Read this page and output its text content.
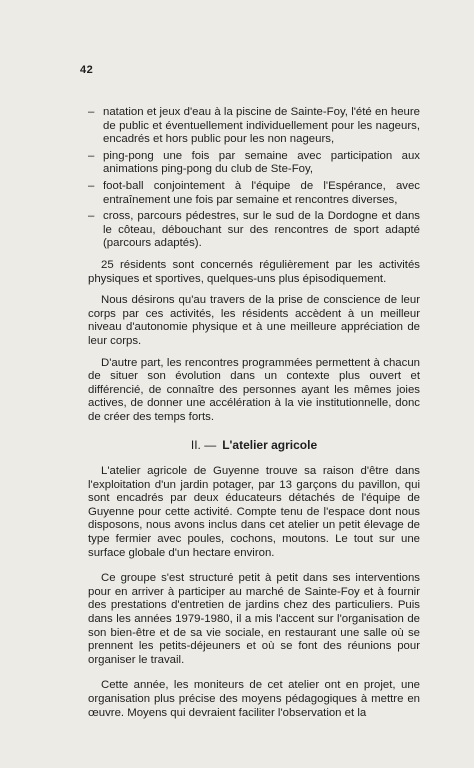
42

– natation et jeux d'eau à la piscine de Sainte-Foy, l'été en heure de public et éventuellement individuellement pour les nageurs, encadrés et hors public pour les non nageurs,

– ping-pong une fois par semaine avec participation aux animations ping-pong du club de Ste-Foy,

– foot-ball conjointement à l'équipe de l'Espérance, avec entraînement une fois par semaine et rencontres diverses,

– cross, parcours pédestres, sur le sud de la Dordogne et dans le côteau, débouchant sur des rencontres de sport adapté (parcours adaptés).

25 résidents sont concernés régulièrement par les activités physiques et sportives, quelques-uns plus épisodiquement.

Nous désirons qu'au travers de la prise de conscience de leur corps par ces activités, les résidents accèdent à un meilleur niveau d'autonomie physique et à une meilleure appréciation de leur corps.

D'autre part, les rencontres programmées permettent à chacun de situer son évolution dans un contexte plus ouvert et différencié, de connaître des personnes ayant les mêmes joies actives, de donner une accélération à la vie institutionnelle, donc de créer des temps forts.

II. — L'atelier agricole

L'atelier agricole de Guyenne trouve sa raison d'être dans l'exploitation d'un jardin potager, par 13 garçons du pavillon, qui sont encadrés par deux éducateurs détachés de l'équipe de Guyenne pour cette activité. Compte tenu de l'espace dont nous disposons, nous avons inclus dans cet atelier un petit élevage de type fermier avec poules, cochons, moutons. Le tout sur une surface globale d'un hectare environ.

Ce groupe s'est structuré petit à petit dans ses interventions pour en arriver à participer au marché de Sainte-Foy et à fournir des prestations d'entretien de jardins chez des particuliers. Puis dans les années 1979-1980, il a mis l'accent sur l'organisation de son bien-être et de sa vie sociale, en restaurant une salle où se prennent les petits-déjeuners et où se font des réunions pour organiser le travail.

Cette année, les moniteurs de cet atelier ont en projet, une organisation plus précise des moyens pédagogiques à mettre en œuvre. Moyens qui devraient faciliter l'observation et la
